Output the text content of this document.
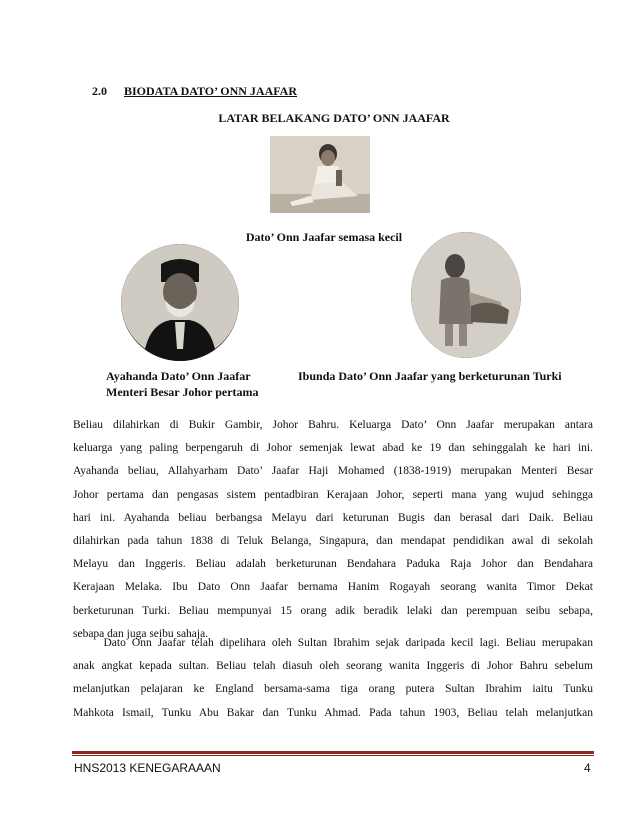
2.0 BIODATA DATO’ ONN JAAFAR
LATAR BELAKANG DATO’ ONN JAAFAR
Dato’ Onn Jaafar semasa kecil
Ayahanda Dato’ Onn Jaafar
Menteri Besar Johor pertama
Ibunda Dato’ Onn Jaafar yang berketurunan Turki
Beliau dilahirkan di Bukir Gambir, Johor Bahru. Keluarga Dato’ Onn Jaafar merupakan antara
keluarga yang paling berpengaruh di Johor semenjak lewat abad ke 19 dan sehinggalah ke hari ini.
Ayahanda beliau, Allahyarham Dato’ Jaafar Haji Mohamed (1838-1919) merupakan Menteri Besar
Johor pertama dan pengasas sistem pentadbiran Kerajaan Johor, seperti mana yang wujud sehingga
hari ini. Ayahanda beliau berbangsa Melayu dari keturunan Bugis dan berasal dari Daik. Beliau
dilahirkan pada tahun 1838 di Teluk Belanga, Singapura, dan mendapat pendidikan awal di sekolah
Melayu dan Inggeris. Beliau adalah berketurunan Bendahara Paduka Raja Johor dan Bendahara
Kerajaan Melaka. Ibu Dato Onn Jaafar bernama Hanim Rogayah seorang wanita Timor Dekat
berketurunan Turki. Beliau mempunyai 15 orang adik beradik lelaki dan perempuan seibu sebapa,
sebapa dan juga seibu sahaja.
Dato Onn Jaafar telah dipelihara oleh Sultan Ibrahim sejak daripada kecil lagi. Beliau merupakan
anak angkat kepada sultan. Beliau telah diasuh oleh seorang wanita Inggeris di Johor Bahru sebelum
melanjutkan pelajaran ke England bersama-sama tiga orang putera Sultan Ibrahim iaitu Tunku
Mahkota Ismail, Tunku Abu Bakar dan Tunku Ahmad. Pada tahun 1903, Beliau telah melanjutkan
HNS2013 KENEGARAAAN	4
